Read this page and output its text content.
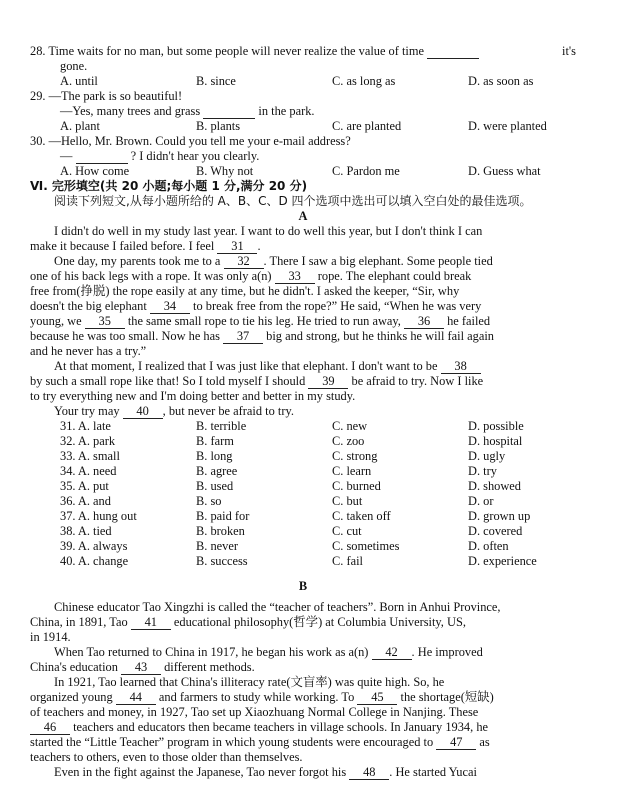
28. Time waits for no man, but some people will never realize the value of time	it's
gone.
A. until	B. since	C. as long as	D. as soon as
29. —The park is so beautiful!
—Yes, many trees and grass	in the park.
A. plant	B. plants	C. are planted	D. were planted
30. —Hello, Mr. Brown. Could you tell me your e-mail address?
—	? I didn't hear you clearly.
A. How come	B. Why not	C. Pardon me	D. Guess what
Ⅵ. 完形填空(共 20 小题;每小题 1 分,满分 20 分)
阅读下列短文,从每小题所给的 A、B、C、D 四个选项中选出可以填入空白处的最佳选项。
A
I didn't do well in my study last year. I want to do well this year, but I don't think I can
make it because I failed before. I feel 31 .
One day, my parents took me to a 32 . There I saw a big elephant. Some people tied
one of his back legs with a rope. It was only a(n) 33 rope. The elephant could break
free from(挣脱) the rope easily at any time, but he didn't. I asked the keeper, “Sir, why
doesn't the big elephant 34 to break free from the rope?” He said, “When he was very
young, we 35 the same small rope to tie his leg. He tried to run away, 36 he failed
because he was too small. Now he has 37 big and strong, but he thinks he will fail again
and he never has a try.”
At that moment, I realized that I was just like that elephant. I don't want to be 38
by such a small rope like that! So I told myself I should 39 be afraid to try. Now I like
to try everything new and I'm doing better and better in my study.
Your try may 40 , but never be afraid to try.
31. A. late	B. terrible	C. new	D. possible
32. A. park	B. farm	C. zoo	D. hospital
33. A. small	B. long	C. strong	D. ugly
34. A. need	B. agree	C. learn	D. try
35. A. put	B. used	C. burned	D. showed
36. A. and	B. so	C. but	D. or
37. A. hung out	B. paid for	C. taken off	D. grown up
38. A. tied	B. broken	C. cut	D. covered
39. A. always	B. never	C. sometimes	D. often
40. A. change	B. success	C. fail	D. experience
B
Chinese educator Tao Xingzhi is called the “teacher of teachers”. Born in Anhui Province,
China, in 1891, Tao 41 educational philosophy(哲学) at Columbia University, US,
in 1914.
When Tao returned to China in 1917, he began his work as a(n) 42 . He improved
China's education 43 different methods.
In 1921, Tao learned that China's illiteracy rate(文盲率) was quite high. So, he
organized young 44 and farmers to study while working. To 45 the shortage(短缺)
of teachers and money, in 1927, Tao set up Xiaozhuang Normal College in Nanjing. These
46 teachers and educators then became teachers in village schools. In January 1934, he
started the “Little Teacher” program in which young students were encouraged to 47 as
teachers to others, even to those older than themselves.
Even in the fight against the Japanese, Tao never forgot his 48 . He started Yucai
